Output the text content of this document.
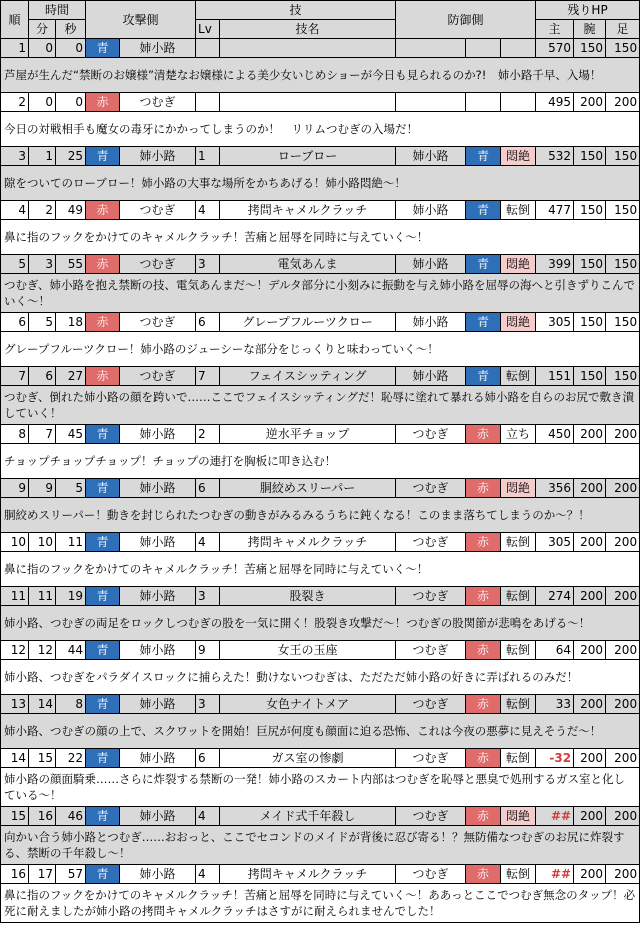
順	時間		攻撃側		技		防御側			残りHP		
	分	秒			Lv	技名				主	腕	足
1	0	0	青	姉小路						570	150	150
芦屋が生んだ“禁断のお嬢様”清楚なお嬢様による美少女いじめショーが今日も見られるのか?!　姉小路千早、入場！												
2	0	0	赤	つむぎ						495	200	200
今日の対戦相手も魔女の毒牙にかかってしまうのか！　リリムつむぎの入場だ！												
3	1	25	青	姉小路	1	ローブロー	姉小路	青	悶絶	532	150	150
隙をついてのローブロー！姉小路の大事な場所をかちあげる！姉小路悶絶～！												
4	2	49	赤	つむぎ	4	拷問キャメルクラッチ	姉小路	青	転倒	477	150	150
鼻に指のフックをかけてのキャメルクラッチ！苦痛と屈辱を同時に与えていく～！												
5	3	55	赤	つむぎ	3	電気あんま	姉小路	青	悶絶	399	150	150
つむぎ、姉小路を抱え禁断の技、電気あんまだ～！デルタ部分に小刻みに振動を与え姉小路を屈辱の海へと引きずりこんでいく～！												
6	5	18	赤	つむぎ	6	グレープフルーツクロー	姉小路	青	悶絶	305	150	150
グレープフルーツクロー！姉小路のジューシーな部分をじっくりと味わっていく～！												
7	6	27	赤	つむぎ	7	フェイスシッティング	姉小路	青	転倒	151	150	150
つむぎ、倒れた姉小路の顔を跨いで……ここでフェイスシッティングだ！恥辱に塗れて暴れる姉小路を自らのお尻で敷き潰していく！												
8	7	45	青	姉小路	2	逆水平チョップ	つむぎ	赤	立ち	450	200	200
チョップチョップチョップ！チョップの連打を胸板に叩き込む！												
9	9	5	青	姉小路	6	胴絞めスリーパー	つむぎ	赤	悶絶	356	200	200
胴絞めスリーパー！動きを封じられたつむぎの動きがみるみるうちに鈍くなる！このまま落ちてしまうのか～？！												
10	10	11	青	姉小路	4	拷問キャメルクラッチ	つむぎ	赤	転倒	305	200	200
鼻に指のフックをかけてのキャメルクラッチ！苦痛と屈辱を同時に与えていく～！												
11	11	19	青	姉小路	3	股裂き	つむぎ	赤	転倒	274	200	200
姉小路、つむぎの両足をロックしつむぎの股を一気に開く！股裂き攻撃だ～！つむぎの股関節が悲鳴をあげる～！												
12	12	44	青	姉小路	9	女王の玉座	つむぎ	赤	転倒	64	200	200
姉小路、つむぎをパラダイスロックに捕らえた！動けないつむぎは、ただただ姉小路の好きに弄ばれるのみだ！												
13	14	8	青	姉小路	3	女色ナイトメア	つむぎ	赤	転倒	33	200	200
姉小路、つむぎの顔の上で、スクワットを開始！巨尻が何度も顔面に迫る恐怖、これは今夜の悪夢に見えそうだ～！												
14	15	22	青	姉小路	6	ガス室の惨劇	つむぎ	赤	転倒	-32	200	200
姉小路の顔面騎乗……さらに炸裂する禁断の一発！姉小路のスカート内部はつむぎを恥辱と悪臭で処刑するガス室と化している～！												
15	16	46	青	姉小路	4	メイド式千年殺し	つむぎ	赤	悶絶	##	200	200
向かい合う姉小路とつむぎ……おおっと、ここでセコンドのメイドが背後に忍び寄る！？無防備なつむぎのお尻に炸裂する、禁断の千年殺し～！												
16	17	57	青	姉小路	4	拷問キャメルクラッチ	つむぎ	赤	転倒	##	200	200
鼻に指のフックをかけてのキャメルクラッチ！苦痛と屈辱を同時に与えていく～！ああっとここでつむぎ無念のタップ！必死に耐えましたが姉小路の拷問キャメルクラッチはさすがに耐えられませんでした！												
